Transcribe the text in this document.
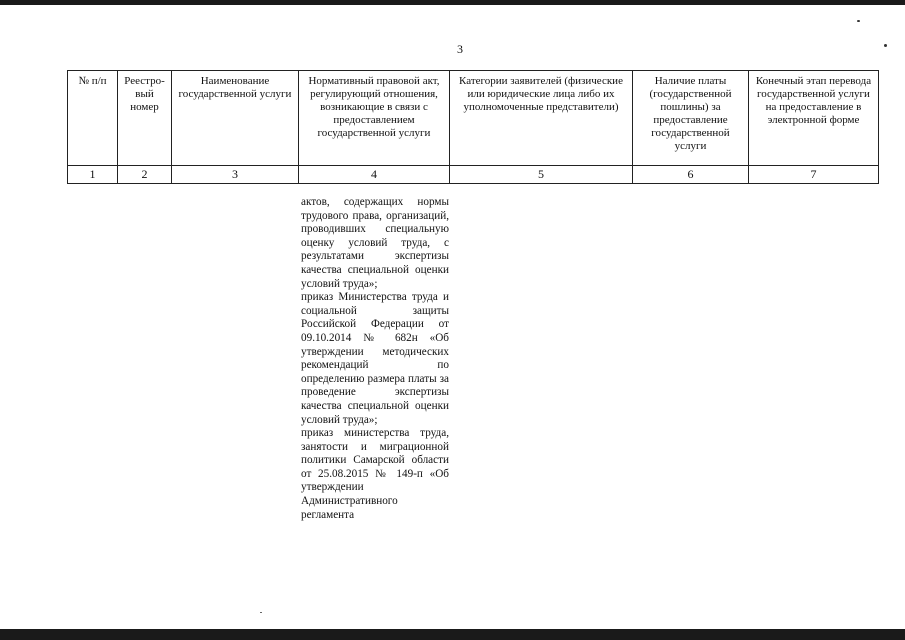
3
№ п/п	Реестро-вый номер	Наименование государственной услуги	Нормативный правовой акт, регулирующий отношения, возникающие в связи с предоставлением государственной услуги	Категории заявителей (физические или юридические лица либо их уполномоченные представители)	Наличие платы (государственной пошлины) за предоставление государственной услуги	Конечный этап перевода государственной услуги на предоставление в электронной форме
1	2	3	4	5	6	7

актов, содержащих нормы трудового права, организаций, проводивших специальную оценку условий труда, с результатами экспертизы качества специальной оценки условий труда»;

приказ Министерства труда и социальной защиты Российской Федерации от 09.10.2014 № 682н «Об утверждении методических рекомендаций по определению размера платы за проведение экспертизы качества специальной оценки условий труда»;

приказ министерства труда, занятости и миграционной политики Самарской области от 25.08.2015 № 149-п «Об утверждении Административного регламента
